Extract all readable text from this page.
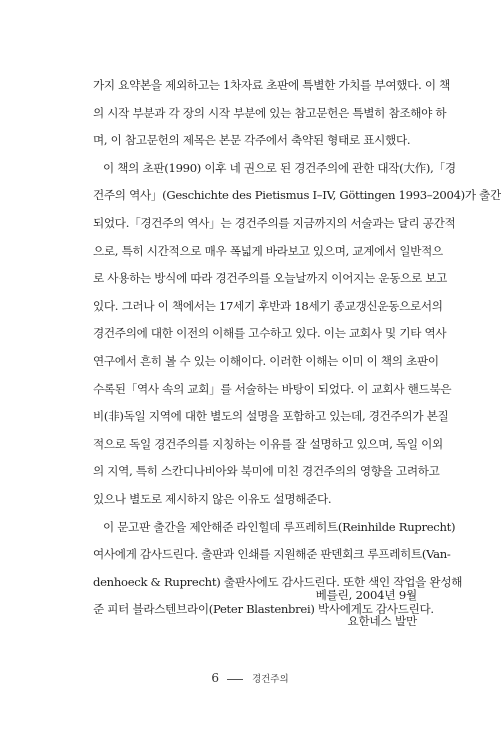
가지 요약본을 제외하고는 1차자료 초판에 특별한 가치를 부여했다. 이 책
의 시작 부분과 각 장의 시작 부분에 있는 참고문헌은 특별히 참조해야 하
며, 이 참고문헌의 제목은 본문 각주에서 축약된 형태로 표시했다.
이 책의 초판(1990) 이후 네 권으로 된 경건주의에 관한 대작(大作),「경
건주의 역사」(Geschichte des Pietismus I–IV, Göttingen 1993–2004)가 출간
되었다.「경건주의 역사」는 경건주의를 지금까지의 서술과는 달리 공간적
으로, 특히 시간적으로 매우 폭넓게 바라보고 있으며, 교계에서 일반적으
로 사용하는 방식에 따라 경건주의를 오늘날까지 이어지는 운동으로 보고
있다. 그러나 이 책에서는 17세기 후반과 18세기 종교갱신운동으로서의
경건주의에 대한 이전의 이해를 고수하고 있다. 이는 교회사 및 기타 역사
연구에서 흔히 볼 수 있는 이해이다. 이러한 이해는 이미 이 책의 초판이
수록된「역사 속의 교회」를 서술하는 바탕이 되었다. 이 교회사 핸드북은
비(非)독일 지역에 대한 별도의 설명을 포함하고 있는데, 경건주의가 본질
적으로 독일 경건주의를 지칭하는 이유를 잘 설명하고 있으며, 독일 이외
의 지역, 특히 스칸디나비아와 북미에 미친 경건주의의 영향을 고려하고
있으나 별도로 제시하지 않은 이유도 설명해준다.
이 문고판 출간을 제안해준 라인힐데 루프레히트(Reinhilde Ruprecht)
여사에게 감사드린다. 출판과 인쇄를 지원해준 판덴회크 루프레히트(Van-
denhoeck & Ruprecht) 출판사에도 감사드린다. 또한 색인 작업을 완성해
준 피터 블라스텐브라이(Peter Blastenbrei) 박사에게도 감사드린다.
베를린, 2004년 9월
요한네스 발만
6	경건주의
